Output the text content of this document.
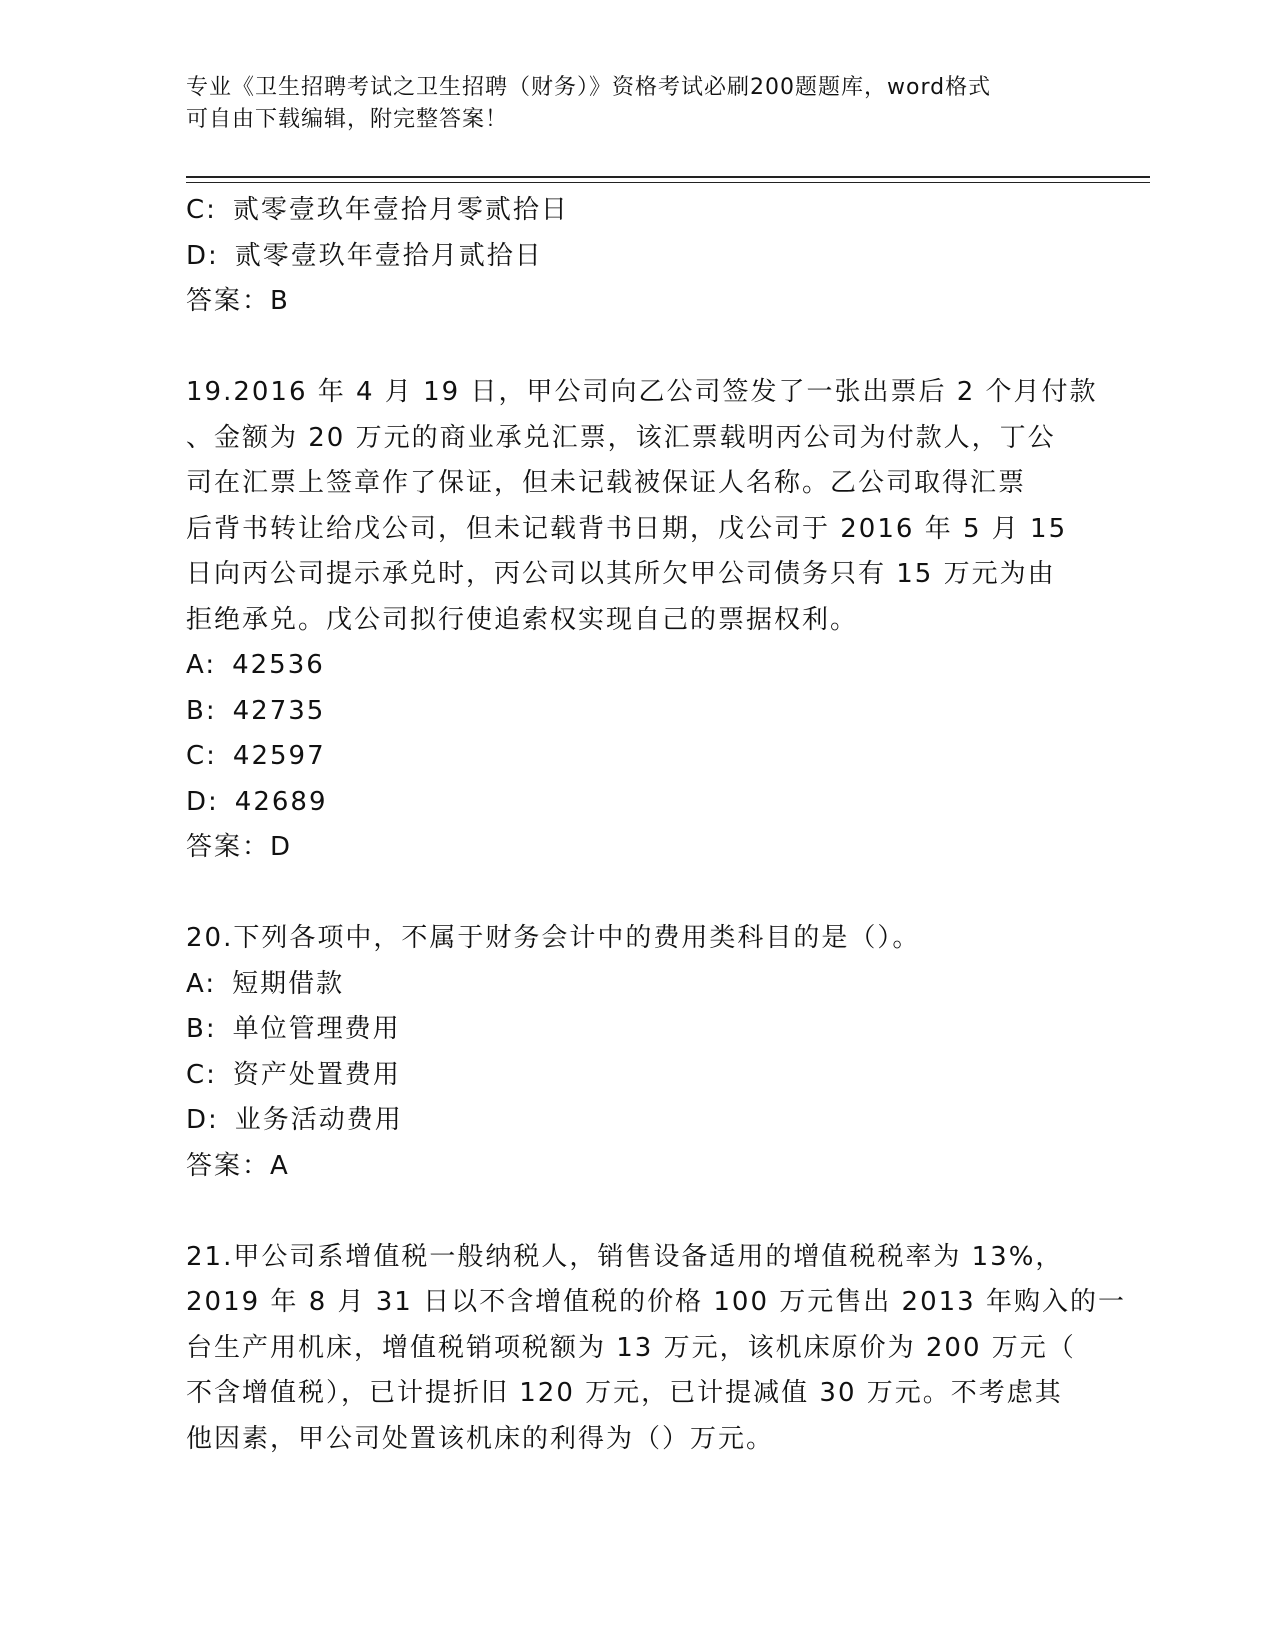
专业《卫生招聘考试之卫生招聘（财务）》资格考试必刷200题题库，word格式
可自由下载编辑，附完整答案！
C: 贰零壹玖年壹拾月零贰拾日
D: 贰零壹玖年壹拾月贰拾日
答案：B
19.2016 年 4 月 19 日，甲公司向乙公司签发了一张出票后 2 个月付款
、金额为 20 万元的商业承兑汇票，该汇票载明丙公司为付款人，丁公
司在汇票上签章作了保证，但未记载被保证人名称。乙公司取得汇票
后背书转让给戊公司，但未记载背书日期，戊公司于 2016 年 5 月 15
日向丙公司提示承兑时，丙公司以其所欠甲公司债务只有 15 万元为由
拒绝承兑。戊公司拟行使追索权实现自己的票据权利。
A: 42536
B: 42735
C: 42597
D: 42689
答案：D
20.下列各项中，不属于财务会计中的费用类科目的是（）。
A: 短期借款
B: 单位管理费用
C: 资产处置费用
D: 业务活动费用
答案：A
21.甲公司系增值税一般纳税人，销售设备适用的增值税税率为 13%，
2019 年 8 月 31 日以不含增值税的价格 100 万元售出 2013 年购入的一
台生产用机床，增值税销项税额为 13 万元，该机床原价为 200 万元（
不含增值税），已计提折旧 120 万元，已计提减值 30 万元。不考虑其
他因素，甲公司处置该机床的利得为（）万元。
